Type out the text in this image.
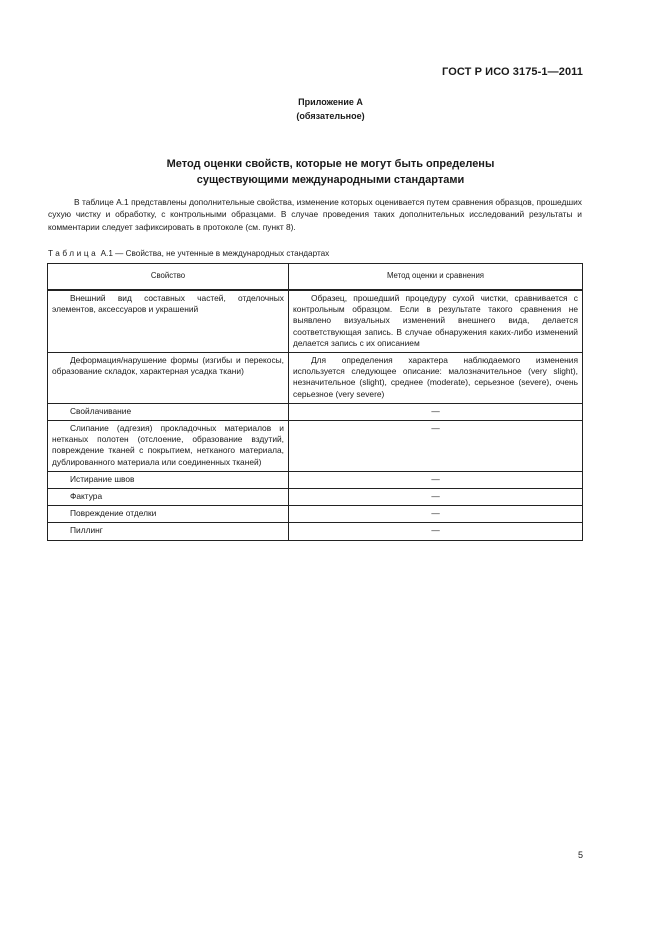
ГОСТ Р ИСО 3175-1—2011
Приложение А
(обязательное)
Метод оценки свойств, которые не могут быть определены
существующими международными стандартами
В таблице А.1 представлены дополнительные свойства, изменение которых оценивается путем сравнения образцов, прошедших сухую чистку и обработку, с контрольными образцами. В случае проведения таких дополнительных исследований результаты и комментарии следует зафиксировать в протоколе (см. пункт 8).
Таблица А.1 — Свойства, не учтенные в международных стандартах
Свойство	Метод оценки и сравнения
Внешний вид составных частей, отделочных элементов, аксессуаров и украшений	Образец, прошедший процедуру сухой чистки, сравнивается с контрольным образцом. Если в результате такого сравнения не выявлено визуальных изменений внешнего вида, делается соответствующая запись. В случае обнаружения каких-либо изменений делается запись с их описанием
Деформация/нарушение формы (изгибы и перекосы, образование складок, характерная усадка ткани)	Для определения характера наблюдаемого изменения используется следующее описание: малозначительное (very slight), незначительное (slight), среднее (moderate), серьезное (severe), очень серьезное (very severe)
Свойлачивание	—
Слипание (адгезия) прокладочных материалов и нетканых полотен (отслоение, образование вздутий, повреждение тканей с покрытием, нетканого материала, дублированного материала или соединенных тканей)	—
Истирание швов	—
Фактура	—
Повреждение отделки	—
Пиллинг	—
5
